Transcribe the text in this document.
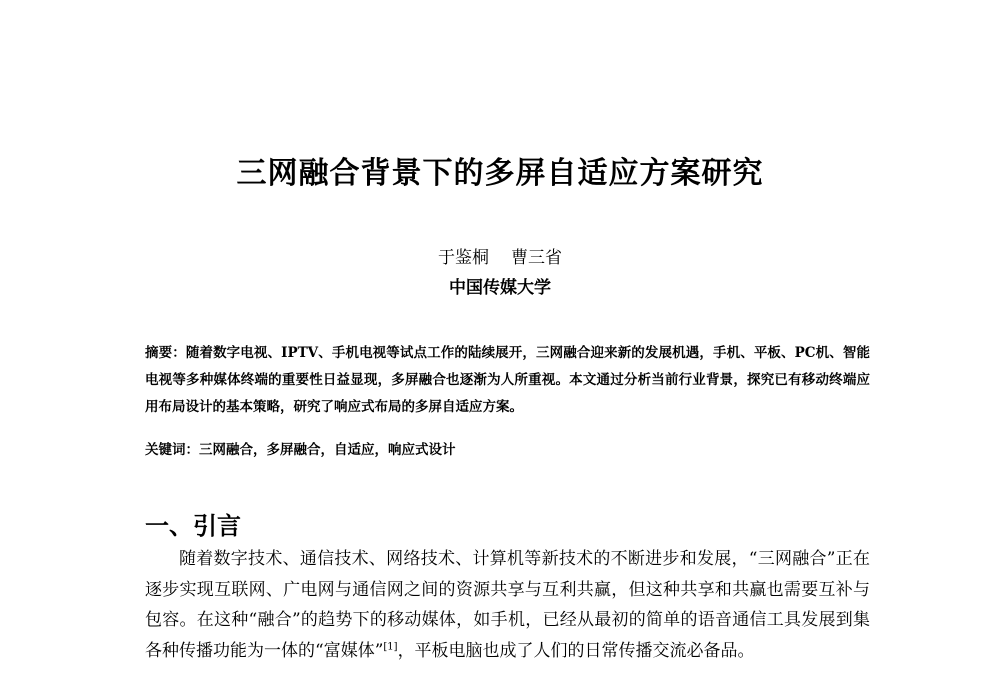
三网融合背景下的多屏自适应方案研究
于鉴桐 曹三省
中国传媒大学
摘要：随着数字电视、IPTV、手机电视等试点工作的陆续展开，三网融合迎来新的发展机遇，手机、平板、PC机、智能电视等多种媒体终端的重要性日益显现，多屏融合也逐渐为人所重视。本文通过分析当前行业背景，探究已有移动终端应用布局设计的基本策略，研究了响应式布局的多屏自适应方案。
关键词：三网融合，多屏融合，自适应，响应式设计
一、引言
随着数字技术、通信技术、网络技术、计算机等新技术的不断进步和发展，“三网融合”正在逐步实现互联网、广电网与通信网之间的资源共享与互利共赢，但这种共享和共赢也需要互补与包容。在这种“融合”的趋势下的移动媒体，如手机，已经从最初的简单的语音通信工具发展到集各种传播功能为一体的“富媒体”[1]，平板电脑也成了人们的日常传播交流必备品。
